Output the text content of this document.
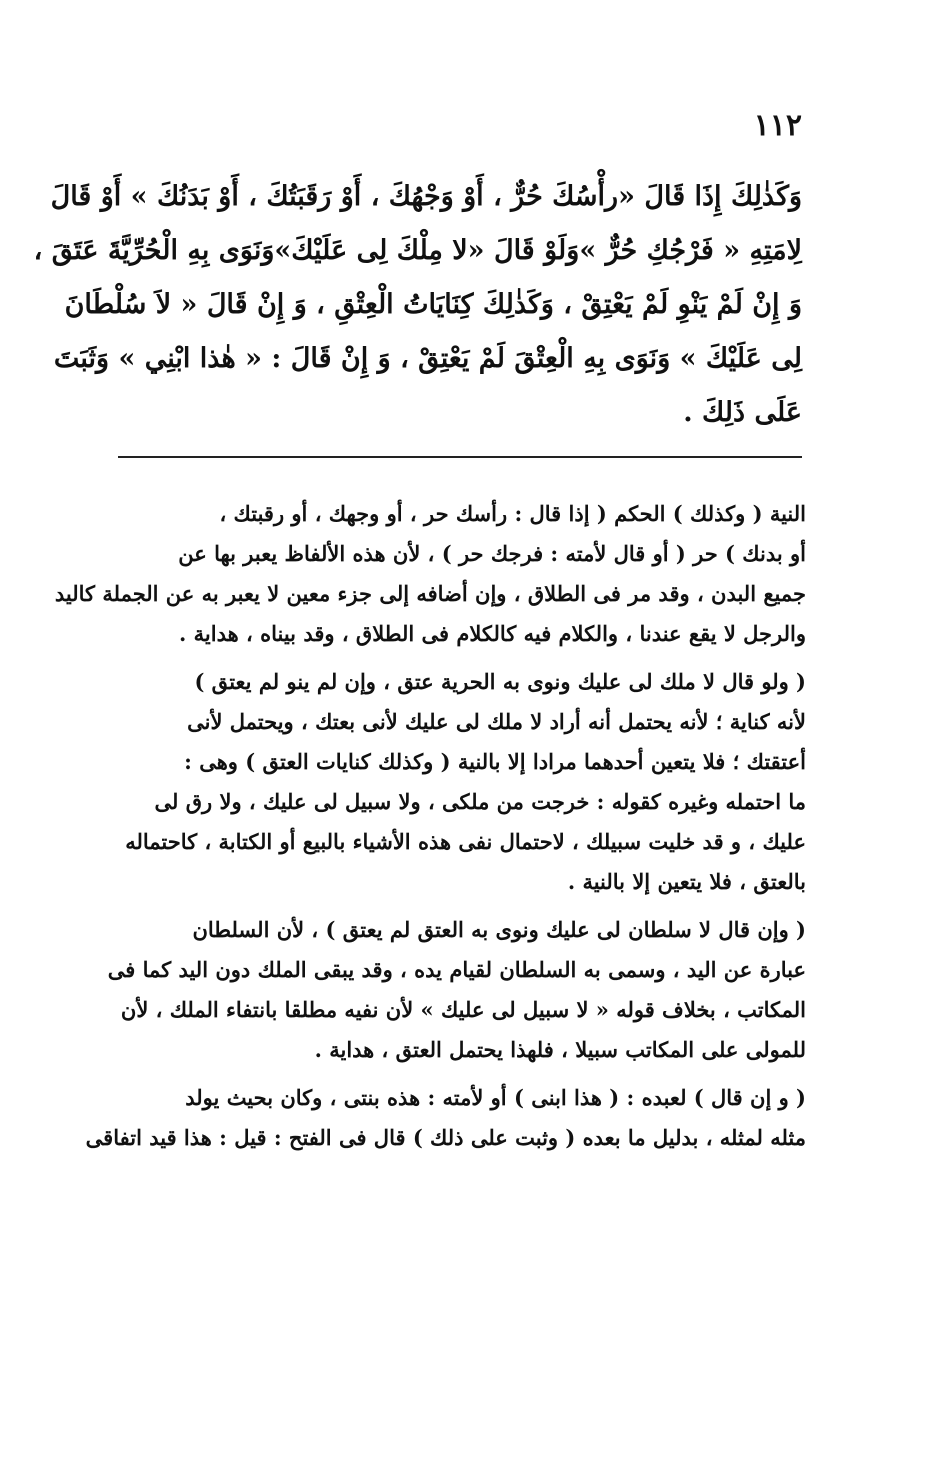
١١٢
وَكَذٰلِكَ إِذَا قَالَ «رأْسُكَ حُرٌّ ، أَوْ وَجْهُكَ ، أَوْ رَقَبَتُكَ ، أَوْ بَدَنُكَ » أَوْ قَالَ
لِامَتِهِ « فَرْجُكِ حُرٌّ »وَلَوْ قَالَ «لا مِلْكَ لِى عَلَيْكَ»وَنَوَى بِهِ الْحُرِّيَّةَ عَتَقَ ،
وَ إِنْ لَمْ يَنْوِ لَمْ يَعْتِقْ ، وَكَذٰلِكَ كِنَايَاتُ الْعِتْقِ ، وَ إِنْ قَالَ « لاَ سُلْطَانَ
لِى عَلَيْكَ » وَنَوَى بِهِ الْعِتْقَ لَمْ يَعْتِقْ ، وَ إِنْ قَالَ : « هٰذا ابْنِي » وَثَبَتَ
عَلَى ذَلِكَ .
النية ( وكذلك ) الحكم ( إذا قال : رأسك حر ، أو وجهك ، أو رقبتك ،
أو بدنك ) حر ( أو قال لأمته : فرجك حر ) ، لأن هذه الألفاظ يعبر بها عن
جميع البدن ، وقد مر فى الطلاق ، وإن أضافه إلى جزء معين لا يعبر به عن الجملة كاليد
والرجل لا يقع عندنا ، والكلام فيه كالكلام فى الطلاق ، وقد بيناه ، هداية .
( ولو قال لا ملك لى عليك ونوى به الحرية عتق ، وإن لم ينو لم يعتق )
لأنه كناية ؛ لأنه يحتمل أنه أراد لا ملك لى عليك لأنى بعتك ، ويحتمل لأنى
أعتقتك ؛ فلا يتعين أحدهما مرادا إلا بالنية ( وكذلك كنايات العتق ) وهى :
ما احتمله وغيره كقوله : خرجت من ملكى ، ولا سبيل لى عليك ، ولا رق لى
عليك ، و قد خليت سبيلك ، لاحتمال نفى هذه الأشياء بالبيع أو الكتابة ، كاحتماله
بالعتق ، فلا يتعين إلا بالنية .
( وإن قال لا سلطان لى عليك ونوى به العتق لم يعتق ) ، لأن السلطان
عبارة عن اليد ، وسمى به السلطان لقيام يده ، وقد يبقى الملك دون اليد كما فى
المكاتب ، بخلاف قوله « لا سبيل لى عليك » لأن نفيه مطلقا بانتفاء الملك ، لأن
للمولى على المكاتب سبيلا ، فلهذا يحتمل العتق ، هداية .
( و إن قال ) لعبده : ( هذا ابنى ) أو لأمته : هذه بنتى ، وكان بحيث يولد
مثله لمثله ، بدليل ما بعده ( وثبت على ذلك ) قال فى الفتح : قيل : هذا قيد اتفاقى
